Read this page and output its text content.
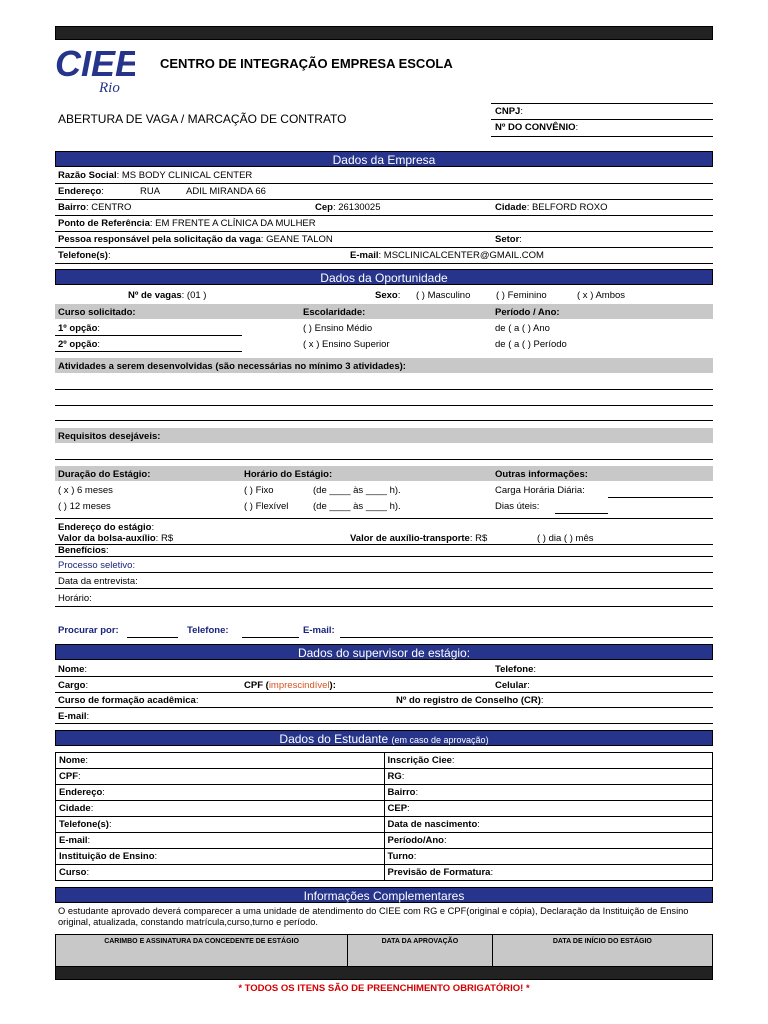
CIEE
Rio
CENTRO DE INTEGRAÇÃO EMPRESA ESCOLA
ABERTURA DE VAGA / MARCAÇÃO DE CONTRATO
CNPJ:
Nº DO CONVÊNIO:
Dados da Empresa
Razão Social: MS BODY CLINICAL CENTER
Endereço:	RUA	ADIL MIRANDA 66
Bairro: CENTRO	Cep: 26130025	Cidade: BELFORD ROXO
Ponto de Referência: EM FRENTE A CLÍNICA DA MULHER
Pessoa responsável pela solicitação da vaga: GEANE TALON	Setor:
Telefone(s):	E-mail: MSCLINICALCENTER@GMAIL.COM
Dados da Oportunidade
Nº de vagas: (01 )	Sexo: ( ) Masculino	( ) Feminino	( x ) Ambos
Curso solicitado:	Escolaridade:	Período / Ano:
1º opção:	( ) Ensino Médio	de ( a ( ) Ano
2º opção:	( x ) Ensino Superior	de ( a ( ) Período
Atividades a serem desenvolvidas (são necessárias no mínimo 3 atividades):
Requisitos desejáveis:
Duração do Estágio:	Horário do Estágio:	Outras informações:
( x ) 6 meses	( ) Fixo	(de ____ às ____ h).	Carga Horária Diária:
( ) 12 meses	( ) Flexível	(de ____ às ____ h).	Dias úteis:
Endereço do estágio:
Valor da bolsa-auxílio: R$	Valor de auxílio-transporte: R$	( ) dia ( ) mês
Benefícios:
Processo seletivo:
Data da entrevista:
Horário:
Procurar por:	Telefone:	E-mail:
Dados do supervisor de estágio:
Nome:	Telefone:
Cargo:	CPF (imprescindível):	Celular:
Curso de formação acadêmica:	Nº do registro de Conselho (CR):
E-mail:
Dados do Estudante (em caso de aprovação)
Nome:	Inscrição Ciee:
CPF:	RG:
Endereço:	Bairro:
Cidade:	CEP:
Telefone(s):	Data de nascimento:
E-mail:	Período/Ano:
Instituição de Ensino:	Turno:
Curso:	Previsão de Formatura:
Informações Complementares
O estudante aprovado deverá comparecer a uma unidade de atendimento do CIEE com RG e CPF(original e cópia), Declaração da Instituição de Ensino original, atualizada, constando matrícula,curso,turno e período.
CARIMBO E ASSINATURA DA CONCEDENTE DE ESTÁGIO	DATA DA APROVAÇÃO	DATA DE INÍCIO DO ESTÁGIO
* TODOS OS ITENS SÃO DE PREENCHIMENTO OBRIGATÓRIO! *
